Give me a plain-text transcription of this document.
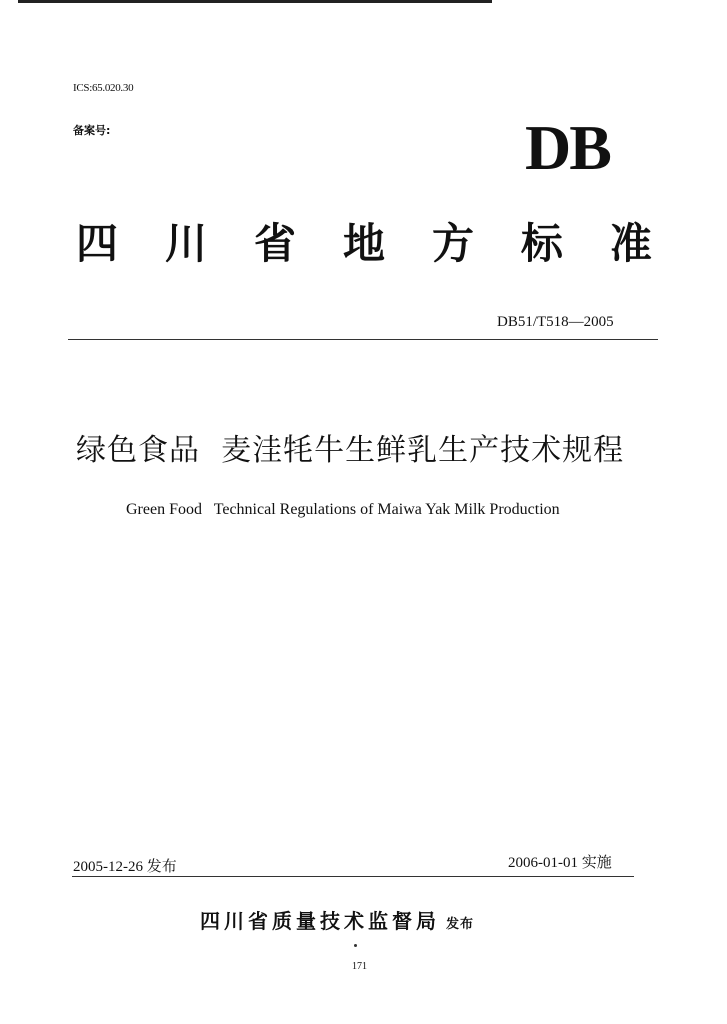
ICS:65.020.30
备案号:	DB
四 川 省 地 方 标 准
DB51/T518—2005
绿色食品  麦洼牦牛生鲜乳生产技术规程
Green Food   Technical Regulations of Maiwa Yak Milk Production
2005-12-26 发布	2006-01-01 实施
四川省质量技术监督局 发布
171
